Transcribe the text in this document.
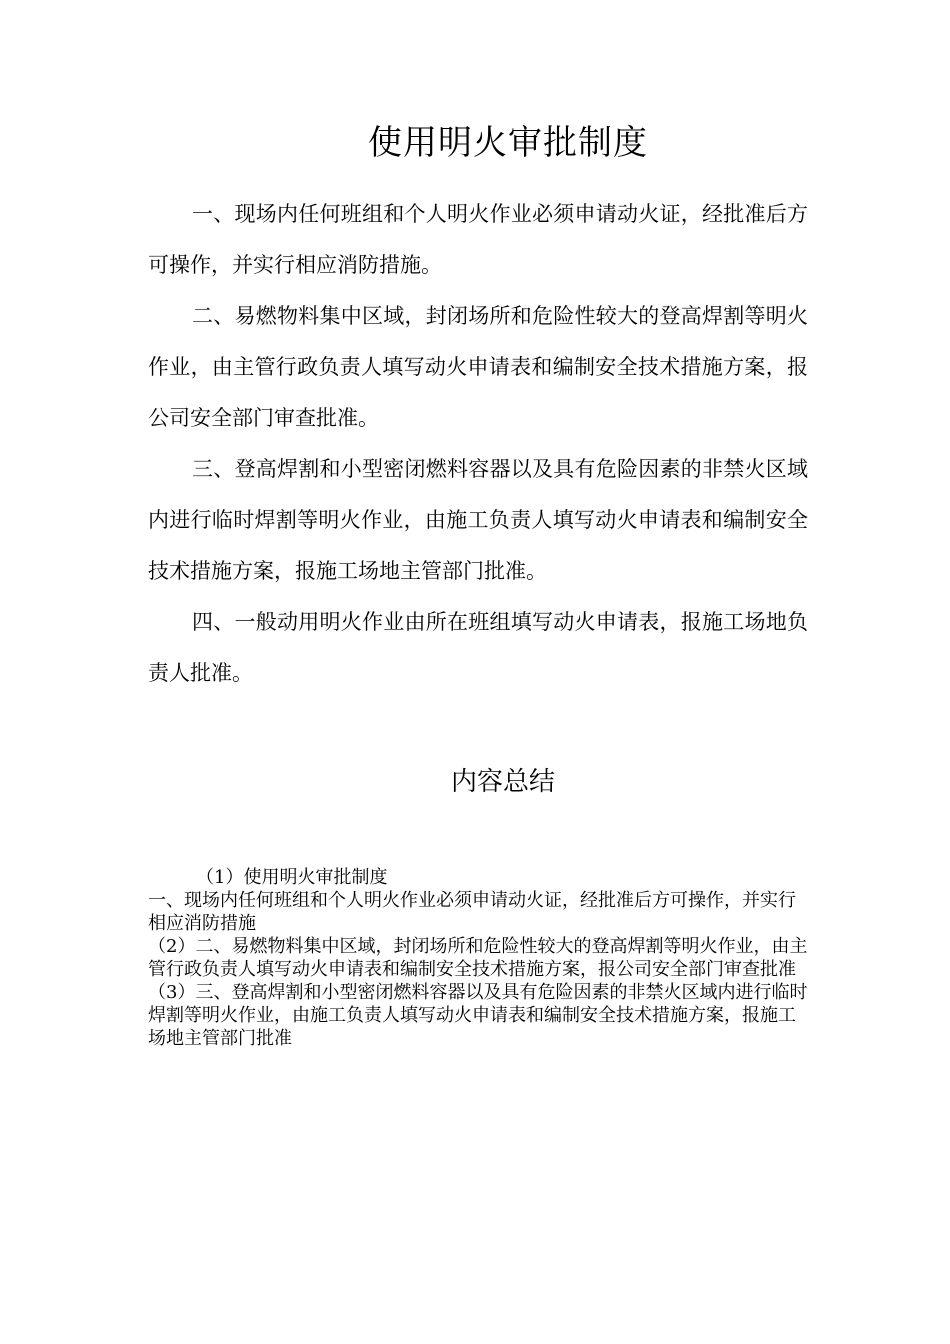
使用明火审批制度

一、现场内任何班组和个人明火作业必须申请动火证，经批准后方可操作，并实行相应消防措施。

二、易燃物料集中区域，封闭场所和危险性较大的登高焊割等明火作业，由主管行政负责人填写动火申请表和编制安全技术措施方案，报公司安全部门审查批准。

三、登高焊割和小型密闭燃料容器以及具有危险因素的非禁火区域内进行临时焊割等明火作业，由施工负责人填写动火申请表和编制安全技术措施方案，报施工场地主管部门批准。

四、一般动用明火作业由所在班组填写动火申请表，报施工场地负责人批准。

内容总结

（1）使用明火审批制度

一、现场内任何班组和个人明火作业必须申请动火证，经批准后方可操作，并实行相应消防措施

（2）二、易燃物料集中区域，封闭场所和危险性较大的登高焊割等明火作业，由主管行政负责人填写动火申请表和编制安全技术措施方案，报公司安全部门审查批准

（3）三、登高焊割和小型密闭燃料容器以及具有危险因素的非禁火区域内进行临时焊割等明火作业，由施工负责人填写动火申请表和编制安全技术措施方案，报施工场地主管部门批准
